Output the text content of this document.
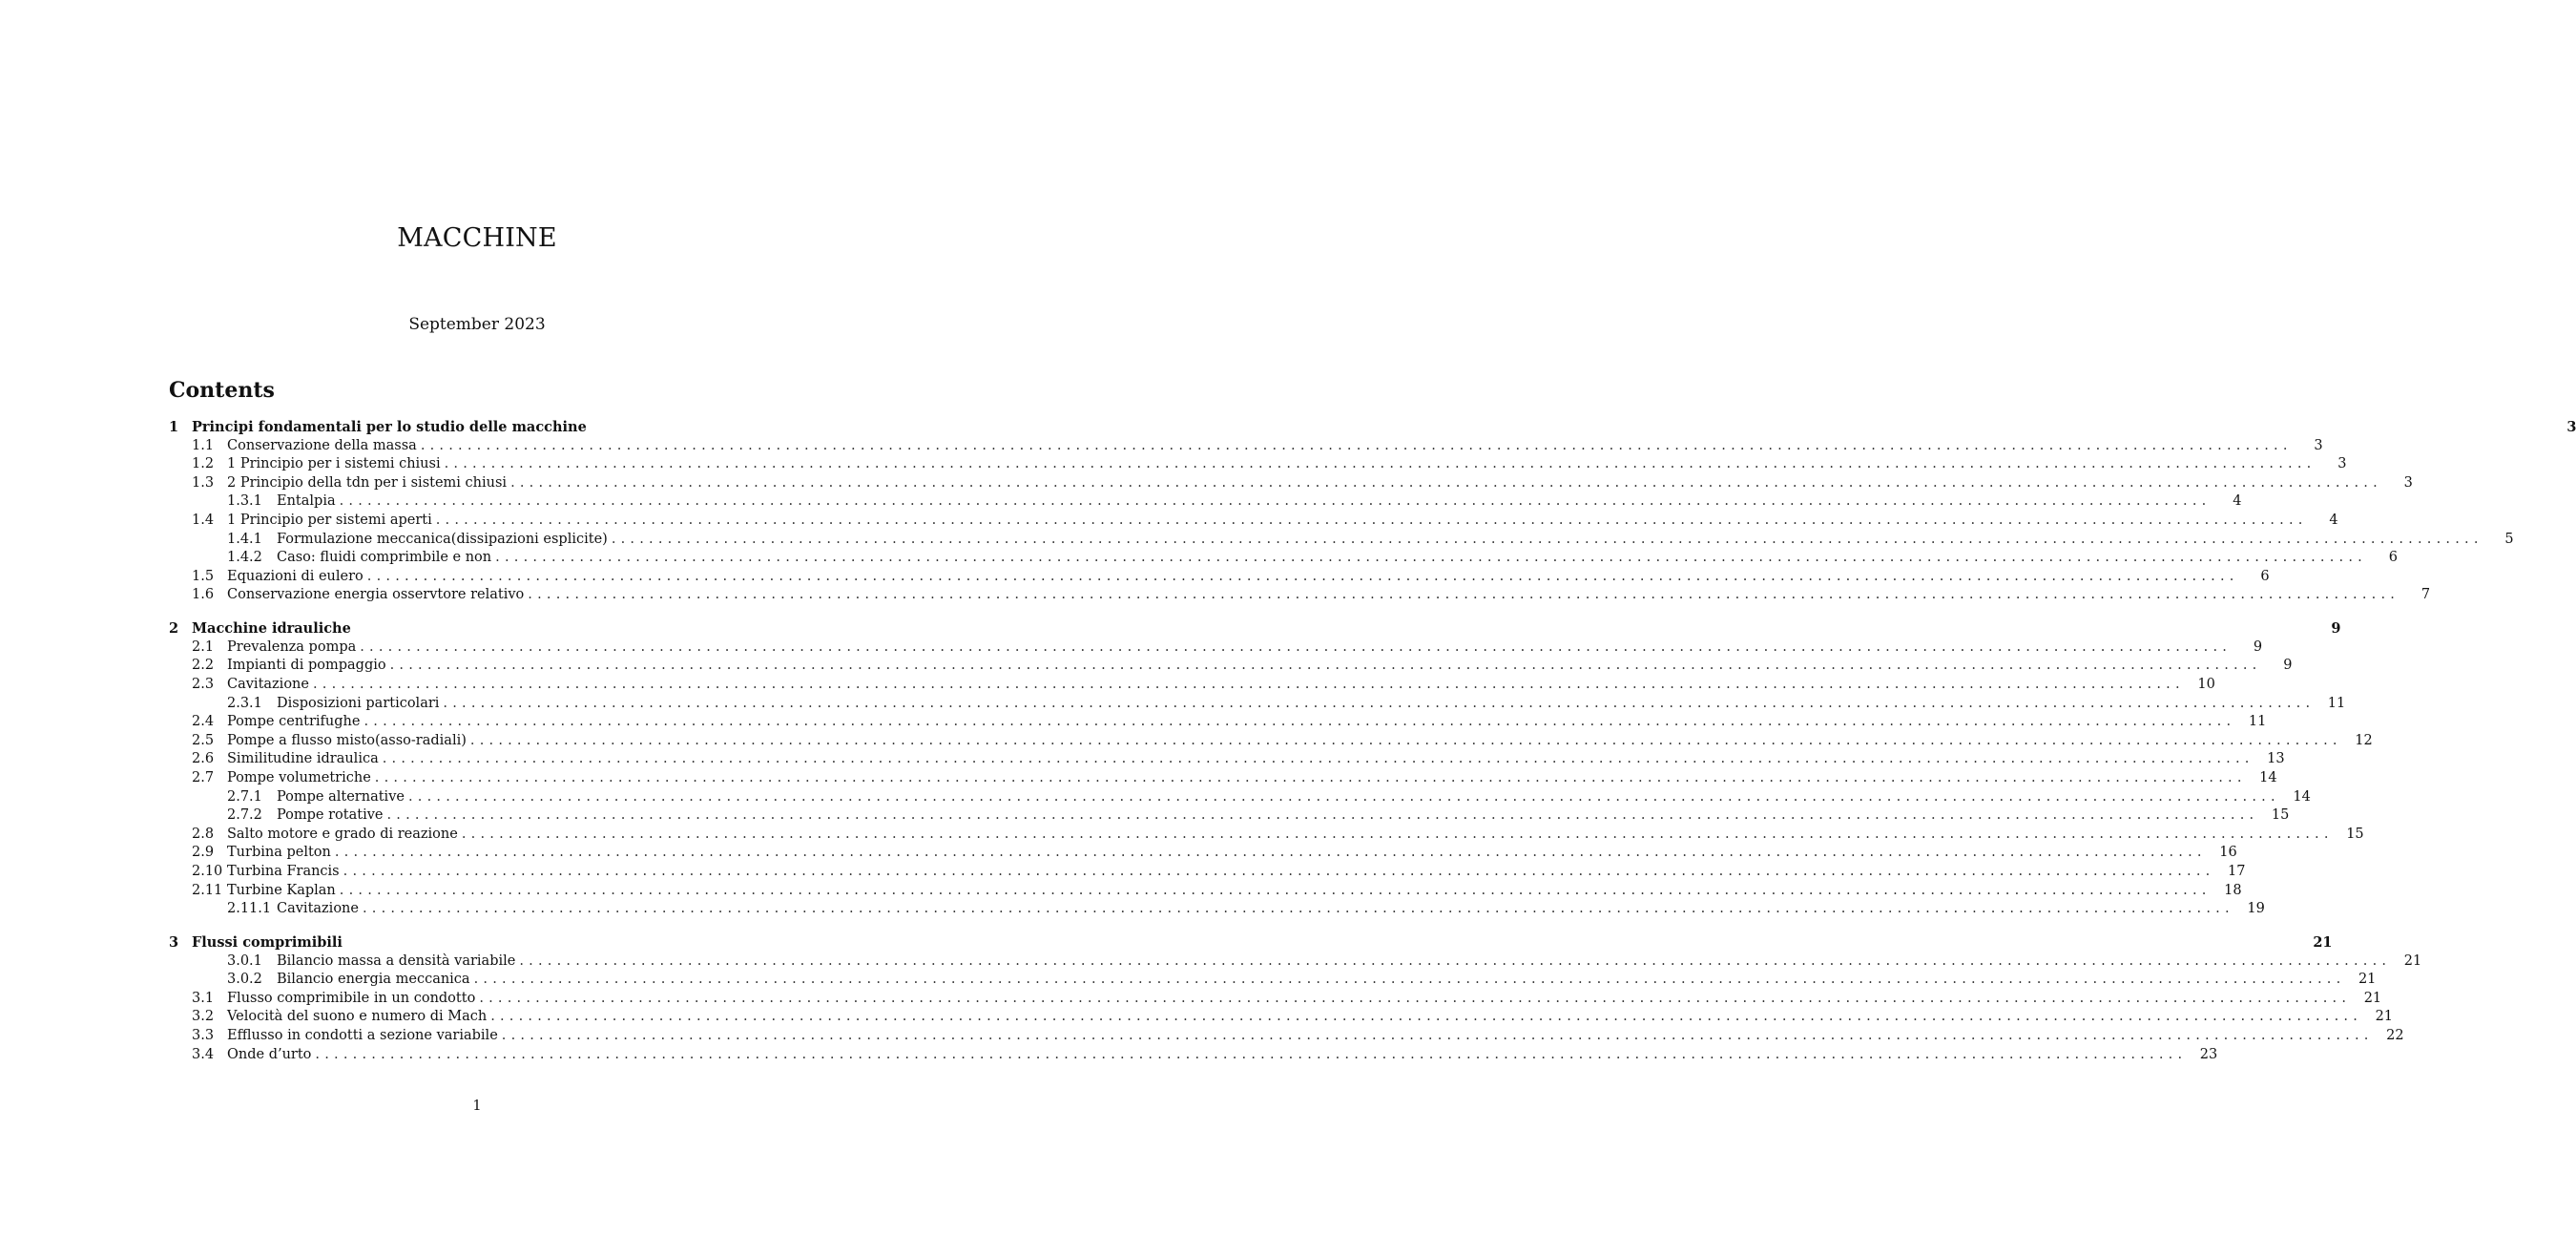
MACCHINE
September 2023
Contents
1 Principi fondamentali per lo studio delle macchine	3
1.1 Conservazione della massa ........................................................................................................................................................................................................	3
1.2 1 Principio per i sistemi chiusi ........................................................................................................................................................................................................	3
1.3 2 Principio della tdn per i sistemi chiusi ........................................................................................................................................................................................................	3
1.3.1	Entalpia ........................................................................................................................................................................................................	4
1.4 1 Principio per sistemi aperti ........................................................................................................................................................................................................	4
1.4.1	Formulazione meccanica(dissipazioni esplicite) ........................................................................................................................................................................................................	5
1.4.2	Caso: fluidi comprimbile e non ........................................................................................................................................................................................................	6
1.5 Equazioni di eulero ........................................................................................................................................................................................................	6
1.6 Conservazione energia osservtore relativo ........................................................................................................................................................................................................	7
2 Macchine idrauliche	9
2.1 Prevalenza pompa ........................................................................................................................................................................................................	9
2.2 Impianti di pompaggio ........................................................................................................................................................................................................	9
2.3 Cavitazione ........................................................................................................................................................................................................ 10
2.3.1	Disposizioni particolari ........................................................................................................................................................................................................ 11
2.4 Pompe centrifughe ........................................................................................................................................................................................................ 11
2.5 Pompe a flusso misto(asso-radiali) ........................................................................................................................................................................................................ 12
2.6 Similitudine idraulica ........................................................................................................................................................................................................ 13
2.7 Pompe volumetriche ........................................................................................................................................................................................................ 14
2.7.1	Pompe alternative ........................................................................................................................................................................................................ 14
2.7.2	Pompe rotative ........................................................................................................................................................................................................ 15
2.8 Salto motore e grado di reazione ........................................................................................................................................................................................................ 15
2.9 Turbina pelton ........................................................................................................................................................................................................ 16
2.10 Turbina Francis ........................................................................................................................................................................................................ 17
2.11 Turbine Kaplan ........................................................................................................................................................................................................ 18
2.11.1 Cavitazione ........................................................................................................................................................................................................ 19
3 Flussi comprimibili	21
3.0.1	Bilancio massa a densità variabile ........................................................................................................................................................................................................ 21
3.0.2	Bilancio energia meccanica ........................................................................................................................................................................................................ 21
3.1 Flusso comprimibile in un condotto ........................................................................................................................................................................................................ 21
3.2 Velocità del suono e numero di Mach ........................................................................................................................................................................................................ 21
3.3 Efflusso in condotti a sezione variabile ........................................................................................................................................................................................................ 22
3.4 Onde d’urto ........................................................................................................................................................................................................ 23
1
